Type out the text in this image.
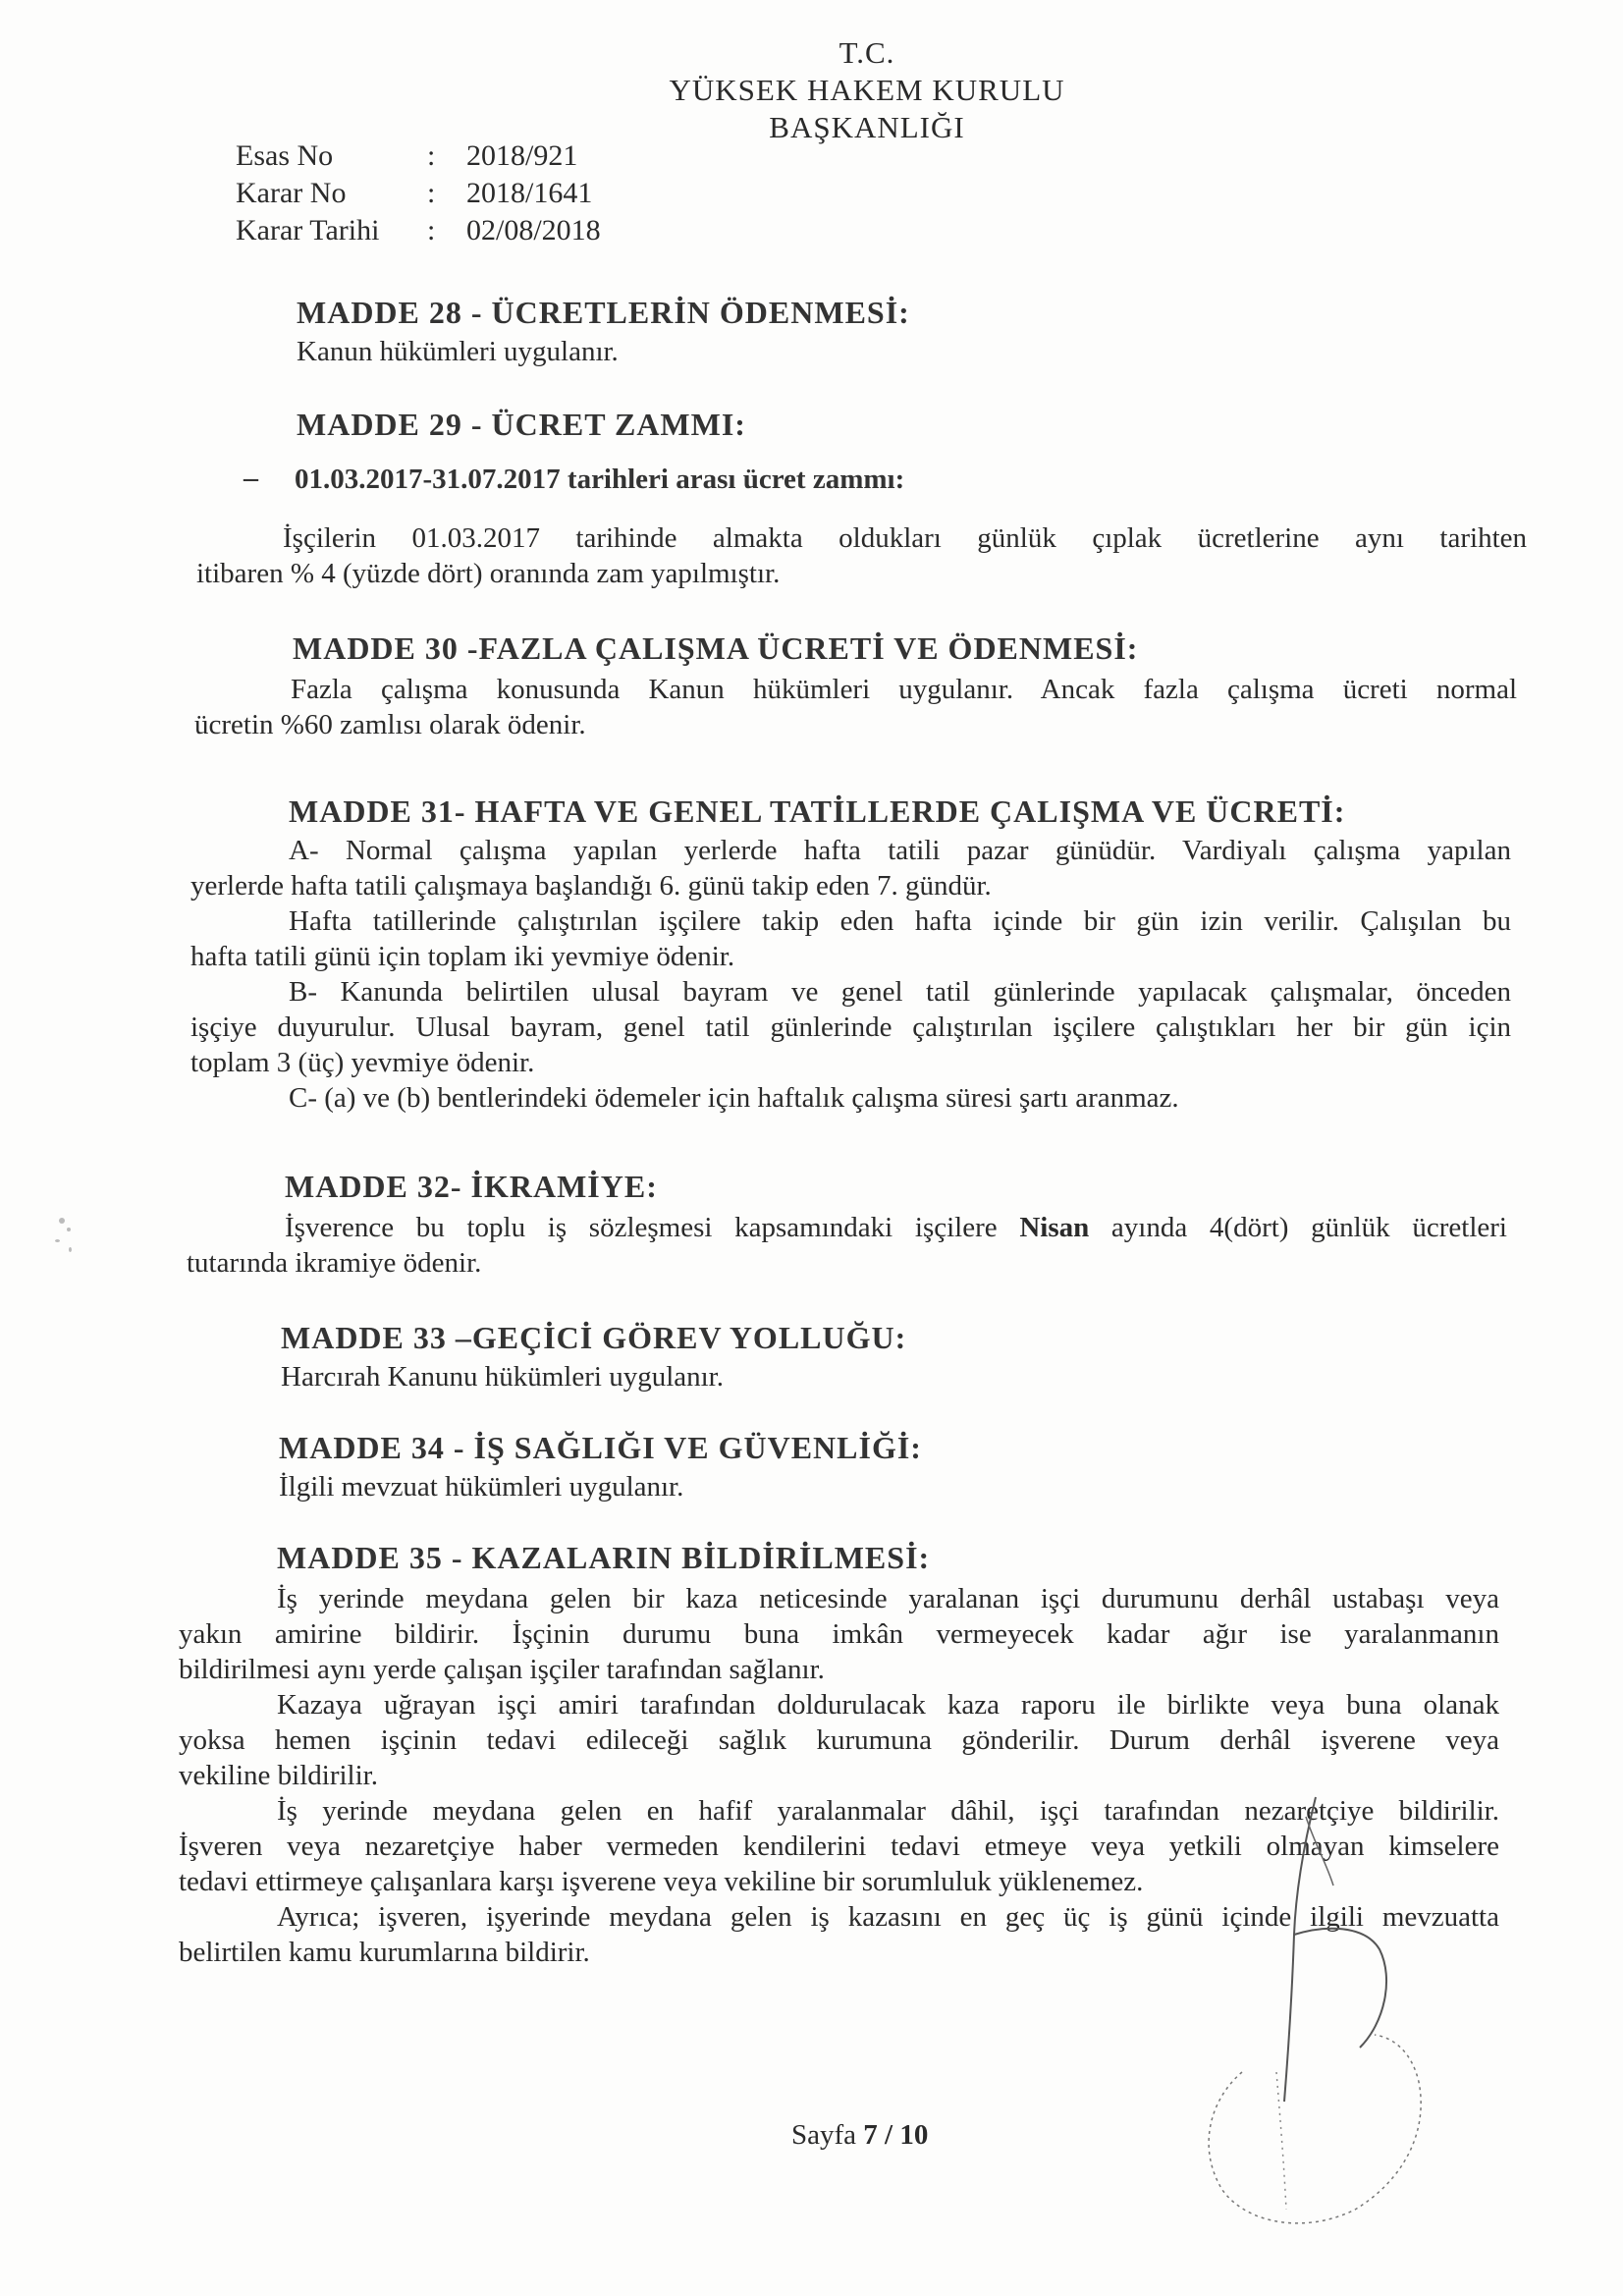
T.C.
YÜKSEK HAKEM KURULU
BAŞKANLIĞI
Esas No	: 2018/921
Karar No	: 2018/1641
Karar Tarihi : 02/08/2018
MADDE 28 - ÜCRETLERİN ÖDENMESİ:
Kanun hükümleri uygulanır.
MADDE 29 - ÜCRET ZAMMI:
– 01.03.2017-31.07.2017 tarihleri arası ücret zammı:
İşçilerin 01.03.2017 tarihinde almakta oldukları günlük çıplak ücretlerine aynı tarihten
itibaren % 4 (yüzde dört) oranında zam yapılmıştır.
MADDE 30 -FAZLA ÇALIŞMA ÜCRETİ VE ÖDENMESİ:
Fazla çalışma konusunda Kanun hükümleri uygulanır. Ancak fazla çalışma ücreti normal
ücretin %60 zamlısı olarak ödenir.
MADDE 31- HAFTA VE GENEL TATİLLERDE ÇALIŞMA VE ÜCRETİ:
A- Normal çalışma yapılan yerlerde hafta tatili pazar günüdür. Vardiyalı çalışma yapılan
yerlerde hafta tatili çalışmaya başlandığı 6. günü takip eden 7. gündür.
Hafta tatillerinde çalıştırılan işçilere takip eden hafta içinde bir gün izin verilir. Çalışılan bu
hafta tatili günü için toplam iki yevmiye ödenir.
B- Kanunda belirtilen ulusal bayram ve genel tatil günlerinde yapılacak çalışmalar, önceden
işçiye duyurulur. Ulusal bayram, genel tatil günlerinde çalıştırılan işçilere çalıştıkları her bir gün için
toplam 3 (üç) yevmiye ödenir.
C- (a) ve (b) bentlerindeki ödemeler için haftalık çalışma süresi şartı aranmaz.
MADDE 32- İKRAMİYE:
İşverence bu toplu iş sözleşmesi kapsamındaki işçilere Nisan ayında 4(dört) günlük ücretleri
tutarında ikramiye ödenir.
MADDE 33 –GEÇİCİ GÖREV YOLLUĞU:
Harcırah Kanunu hükümleri uygulanır.
MADDE 34 - İŞ SAĞLIĞI VE GÜVENLİĞİ:
İlgili mevzuat hükümleri uygulanır.
MADDE 35 - KAZALARIN BİLDİRİLMESİ:
İş yerinde meydana gelen bir kaza neticesinde yaralanan işçi durumunu derhâl ustabaşı veya
yakın amirine bildirir. İşçinin durumu buna imkân vermeyecek kadar ağır ise yaralanmanın
bildirilmesi aynı yerde çalışan işçiler tarafından sağlanır.
Kazaya uğrayan işçi amiri tarafından doldurulacak kaza raporu ile birlikte veya buna olanak
yoksa hemen işçinin tedavi edileceği sağlık kurumuna gönderilir. Durum derhâl işverene veya
vekiline bildirilir.
İş yerinde meydana gelen en hafif yaralanmalar dâhil, işçi tarafından nezaretçiye bildirilir.
İşveren veya nezaretçiye haber vermeden kendilerini tedavi etmeye veya yetkili olmayan kimselere
tedavi ettirmeye çalışanlara karşı işverene veya vekiline bir sorumluluk yüklenemez.
Ayrıca; işveren, işyerinde meydana gelen iş kazasını en geç üç iş günü içinde ilgili mevzuatta
belirtilen kamu kurumlarına bildirir.
Sayfa 7 / 10
